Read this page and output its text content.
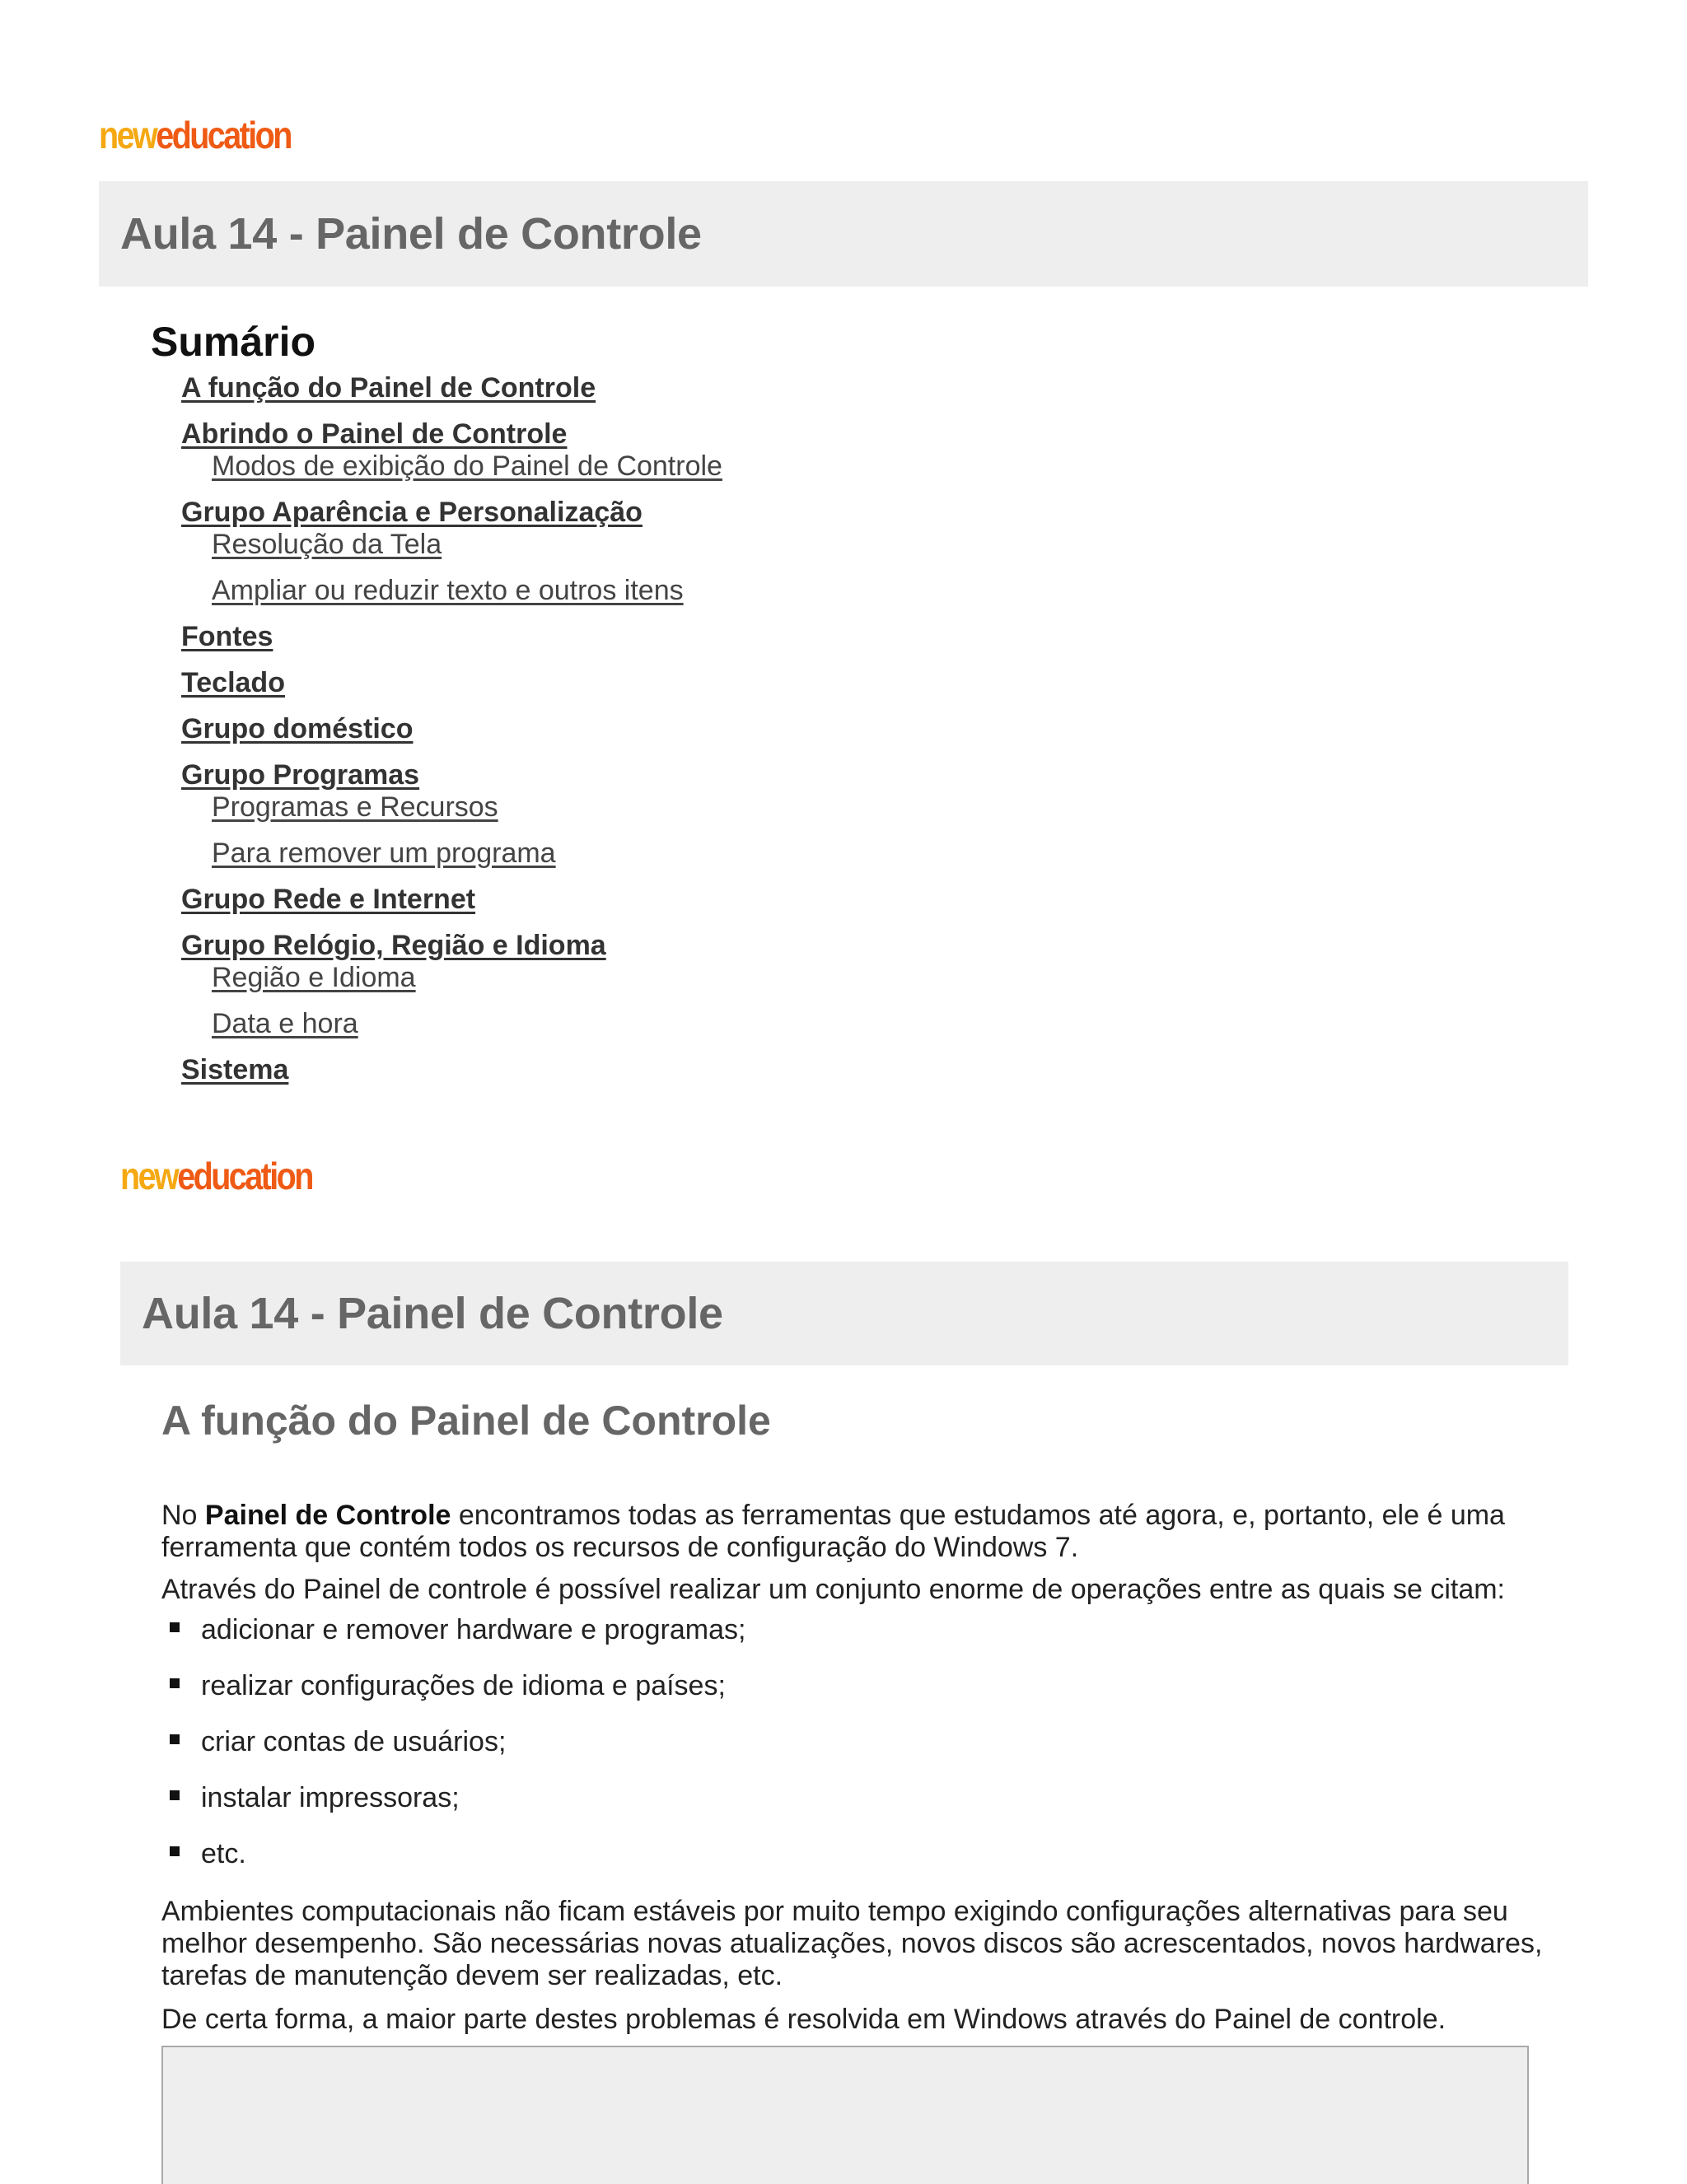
neweducation
Aula 14 - Painel de Controle
Sumário
A função do Painel de Controle
Abrindo o Painel de Controle
Modos de exibição do Painel de Controle
Grupo Aparência e Personalização
Resolução da Tela
Ampliar ou reduzir texto e outros itens
Fontes
Teclado
Grupo doméstico
Grupo Programas
Programas e Recursos
Para remover um programa
Grupo Rede e Internet
Grupo Relógio, Região e Idioma
Região e Idioma
Data e hora
Sistema
neweducation
Aula 14 - Painel de Controle
A função do Painel de Controle

No Painel de Controle encontramos todas as ferramentas que estudamos até agora, e, portanto, ele é uma ferramenta que contém todos os recursos de configuração do Windows 7.

Através do Painel de controle é possível realizar um conjunto enorme de operações entre as quais se citam:

adicionar e remover hardware e programas;
realizar configurações de idioma e países;
criar contas de usuários;
instalar impressoras;
etc.

Ambientes computacionais não ficam estáveis por muito tempo exigindo configurações alternativas para seu melhor desempenho. São necessárias novas atualizações, novos discos são acrescentados, novos hardwares, tarefas de manutenção devem ser realizadas, etc.

De certa forma, a maior parte destes problemas é resolvida em Windows através do Painel de controle.
